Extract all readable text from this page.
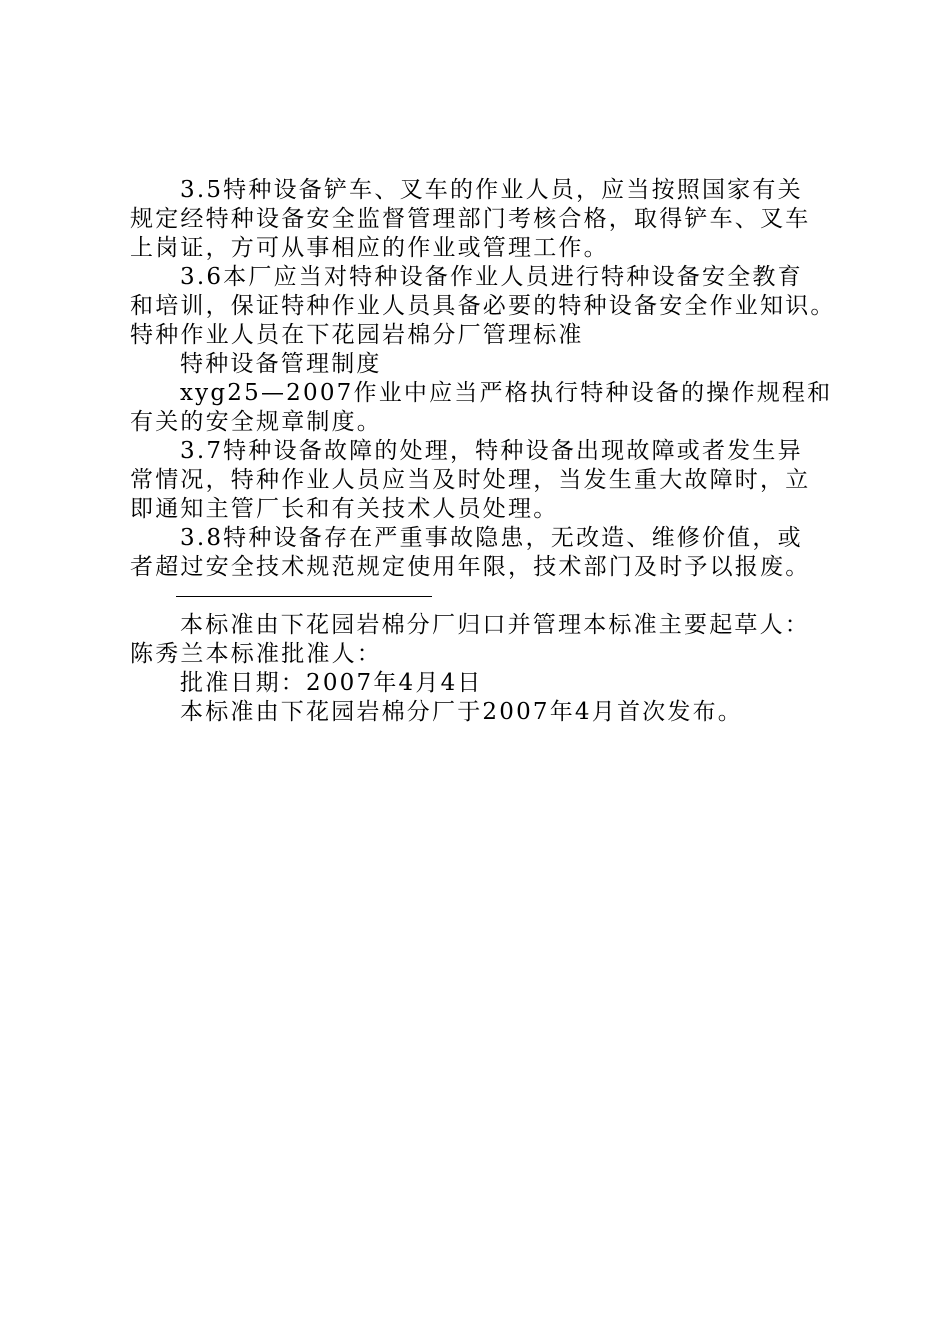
3.5特种设备铲车、叉车的作业人员，应当按照国家有关
规定经特种设备安全监督管理部门考核合格，取得铲车、叉车
上岗证，方可从事相应的作业或管理工作。
3.6本厂应当对特种设备作业人员进行特种设备安全教育
和培训，保证特种作业人员具备必要的特种设备安全作业知识。
特种作业人员在下花园岩棉分厂管理标准
特种设备管理制度
xyg25—2007作业中应当严格执行特种设备的操作规程和
有关的安全规章制度。
3.7特种设备故障的处理，特种设备出现故障或者发生异
常情况，特种作业人员应当及时处理，当发生重大故障时，立
即通知主管厂长和有关技术人员处理。
3.8特种设备存在严重事故隐患，无改造、维修价值，或
者超过安全技术规范规定使用年限，技术部门及时予以报废。
本标准由下花园岩棉分厂归口并管理本标准主要起草人：
陈秀兰本标准批准人：
批准日期：2007年4月4日
本标准由下花园岩棉分厂于2007年4月首次发布。
